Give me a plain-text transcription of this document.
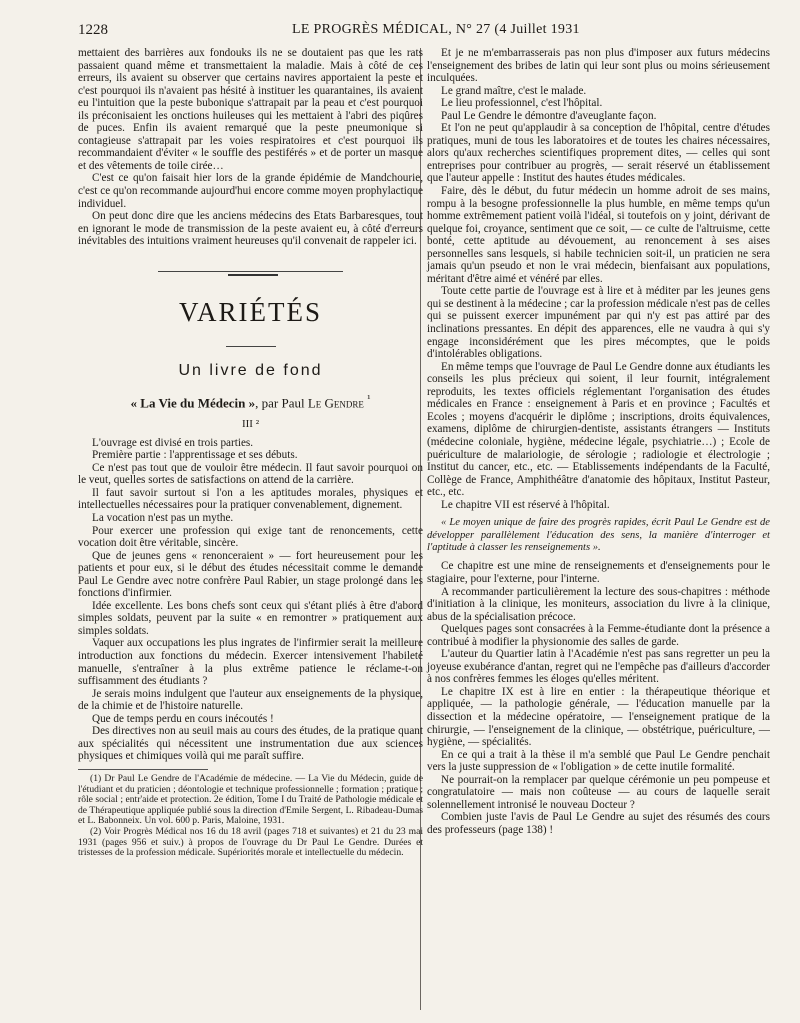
1228	LE PROGRÈS MÉDICAL, N° 27 (4 Juillet 1931

mettaient des barrières aux fondouks ils ne se doutaient pas que les rats passaient quand même et transmettaient la maladie. Mais à côté de ces erreurs, ils avaient su observer que certains navires apportaient la peste et c'est pourquoi ils n'avaient pas hésité à instituer les quarantaines, ils avaient eu l'intuition que la peste bubonique s'attrapait par la peau et c'est pourquoi ils préconisaient les onctions huileuses qui les mettaient à l'abri des piqûres de puces. Enfin ils avaient remarqué que la peste pneumonique si contagieuse s'attrapait par les voies respiratoires et c'est pourquoi ils recommandaient d'éviter « le souffle des pestiférés » et de porter un masque et des vêtements de toile cirée…

C'est ce qu'on faisait hier lors de la grande épidémie de Mandchourie, c'est ce qu'on recommande aujourd'hui encore comme moyen prophylactique individuel.

On peut donc dire que les anciens médecins des Etats Barbaresques, tout en ignorant le mode de transmission de la peste avaient eu, à côté d'erreurs inévitables des intuitions vraiment heureuses qu'il convenait de rappeler ici.

VARIÉTÉS
Un livre de fond
« La Vie du Médecin », par Paul Le Gendre $^{^1}$
III ²

L'ouvrage est divisé en trois parties.

Première partie : l'apprentissage et ses débuts.

Ce n'est pas tout que de vouloir être médecin. Il faut savoir pourquoi on le veut, quelles sortes de satisfactions on attend de la carrière.

Il faut savoir surtout si l'on a les aptitudes morales, physiques et intellectuelles nécessaires pour la pratiquer convenablement, dignement.

La vocation n'est pas un mythe.

Pour exercer une profession qui exige tant de renoncements, cette vocation doit être véritable, sincère.

Que de jeunes gens « renonceraient » — fort heureusement pour les patients et pour eux, si le début des études nécessitait comme le demande Paul Le Gendre avec notre confrère Paul Rabier, un stage prolongé dans les fonctions d'infirmier.

Idée excellente. Les bons chefs sont ceux qui s'étant pliés à être d'abord simples soldats, peuvent par la suite « en remontrer » pratiquement aux simples soldats.

Vaquer aux occupations les plus ingrates de l'infirmier serait la meilleure introduction aux fonctions du médecin. Exercer intensivement l'habileté manuelle, s'entraîner à la plus extrême patience le réclame-t-on suffisamment des étudiants ?

Je serais moins indulgent que l'auteur aux enseignements de la physique, de la chimie et de l'histoire naturelle.

Que de temps perdu en cours inécoutés !

Des directives non au seuil mais au cours des études, de la pratique quant aux spécialités qui nécessitent une instrumentation due aux sciences physiques et chimiques voilà qui me paraît suffire.

(1) Dr Paul Le Gendre de l'Académie de médecine. — La Vie du Médecin, guide de l'étudiant et du praticien ; déontologie et technique professionnelle ; formation ; pratique ; rôle social ; entr'aide et protection. 2e édition, Tome I du Traité de Pathologie médicale et de Thérapeutique appliquée publié sous la direction d'Emile Sergent, L. Ribadeau-Dumas et L. Babonneix. Un vol. 600 p. Paris, Maloine, 1931.

(2) Voir Progrès Médical nos 16 du 18 avril (pages 718 et suivantes) et 21 du 23 mai 1931 (pages 956 et suiv.) à propos de l'ouvrage du Dr Paul Le Gendre. Durées et tristesses de la profession médicale. Supériorités morale et intellectuelle du médecin.

Et je ne m'embarrasserais pas non plus d'imposer aux futurs médecins l'enseignement des bribes de latin qui leur sont plus ou moins sérieusement inculquées.

Le grand maître, c'est le malade.

Le lieu professionnel, c'est l'hôpital.

Paul Le Gendre le démontre d'aveuglante façon.

Et l'on ne peut qu'applaudir à sa conception de l'hôpital, centre d'études pratiques, muni de tous les laboratoires et de toutes les chaires nécessaires, alors qu'aux recherches scientifiques proprement dites, — celles qui sont entreprises pour contribuer au progrès, — serait réservé un établissement que l'auteur appelle : Institut des hautes études médicales.

Faire, dès le début, du futur médecin un homme adroit de ses mains, rompu à la besogne professionnelle la plus humble, en même temps qu'un homme extrêmement patient voilà l'idéal, si toutefois on y joint, dérivant de quelque foi, croyance, sentiment que ce soit, — ce culte de l'altruisme, cette bonté, cette aptitude au dévouement, au renoncement à ses aises personnelles sans lesquels, si habile technicien soit-il, un praticien ne sera jamais qu'un pseudo et non le vrai médecin, bienfaisant aux populations, méritant d'être aimé et vénéré par elles.

Toute cette partie de l'ouvrage est à lire et à méditer par les jeunes gens qui se destinent à la médecine ; car la profession médicale n'est pas de celles qui se puissent exercer impunément par qui n'y est pas attiré par des inclinations pressantes. En dépit des apparences, elle ne vaudra à qui s'y engage inconsidérément que les pires mécomptes, que le poids d'intolérables obligations.

En même temps que l'ouvrage de Paul Le Gendre donne aux étudiants les conseils les plus précieux qui soient, il leur fournit, intégralement reproduits, les textes officiels réglementant l'organisation des études médicales en France : enseignement à Paris et en province ; Facultés et Ecoles ; moyens d'acquérir le diplôme ; inscriptions, droits équivalences, examens, diplôme de chirurgien-dentiste, assistants étrangers — Instituts (médecine coloniale, hygiène, médecine légale, psychiatrie…) ; Ecole de puériculture de malariologie, de sérologie ; radiologie et électrologie ; Institut du cancer, etc., etc. — Etablissements indépendants de la Faculté, Collège de France, Amphithéâtre d'anatomie des hôpitaux, Institut Pasteur, etc., etc.

Le chapitre VII est réservé à l'hôpital.

« Le moyen unique de faire des progrès rapides, écrit Paul Le Gendre est de développer parallèlement l'éducation des sens, la manière d'interroger et l'aptitude à classer les renseignements ».

Ce chapitre est une mine de renseignements et d'enseignements pour le stagiaire, pour l'externe, pour l'interne.

A recommander particulièrement la lecture des sous-chapitres : méthode d'initiation à la clinique, les moniteurs, association du livre à la clinique, abus de la spécialisation précoce.

Quelques pages sont consacrées à la Femme-étudiante dont la présence a contribué à modifier la physionomie des salles de garde.

L'auteur du Quartier latin à l'Académie n'est pas sans regretter un peu la joyeuse exubérance d'antan, regret qui ne l'empêche pas d'ailleurs d'accorder à nos confrères femmes les éloges qu'elles méritent.

Le chapitre IX est à lire en entier : la thérapeutique théorique et appliquée, — la pathologie générale, — l'éducation manuelle par la dissection et la médecine opératoire, — l'enseignement pratique de la chirurgie, — l'enseignement de la clinique, — obstétrique, puériculture, — hygiène, — spécialités.

En ce qui a trait à la thèse il m'a semblé que Paul Le Gendre penchait vers la juste suppression de « l'obligation » de cette inutile formalité.

Ne pourrait-on la remplacer par quelque cérémonie un peu pompeuse et congratulatoire — mais non coûteuse — au cours de laquelle serait solennellement intronisé le nouveau Docteur ?

Combien juste l'avis de Paul Le Gendre au sujet des résumés des cours des professeurs (page 138) !
